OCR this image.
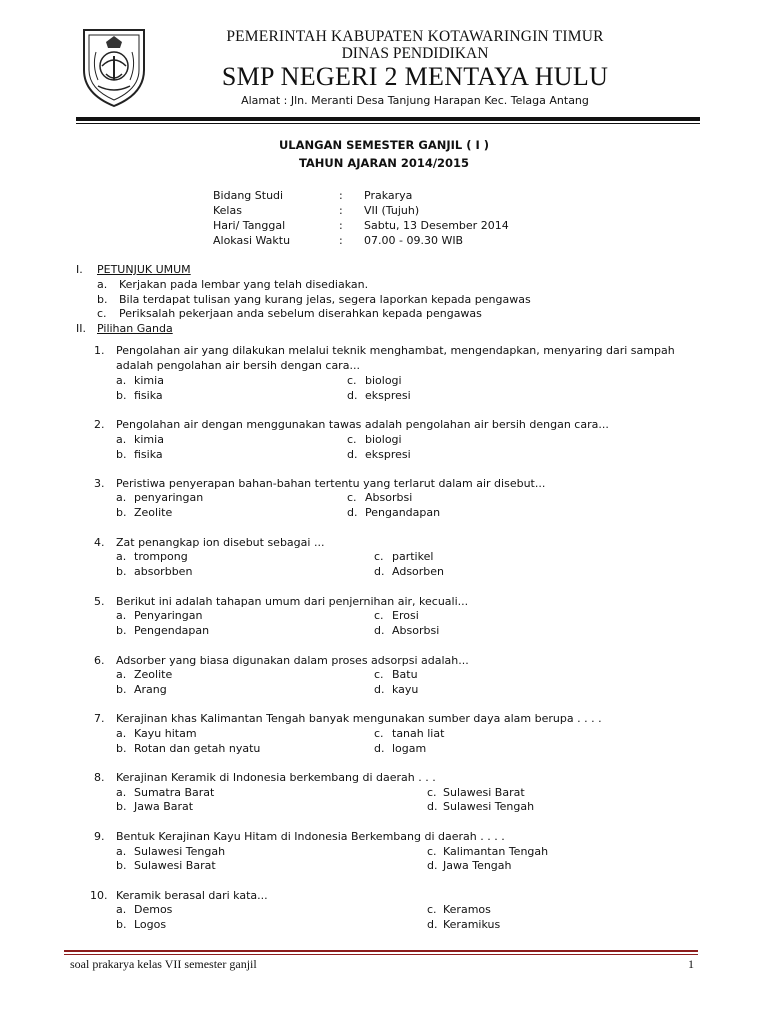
PEMERINTAH KABUPATEN KOTAWARINGIN TIMUR
DINAS PENDIDIKAN
SMP NEGERI 2 MENTAYA HULU
Alamat : Jln. Meranti Desa Tanjung Harapan Kec. Telaga Antang
ULANGAN SEMESTER GANJIL ( I )
TAHUN AJARAN 2014/2015
Bidang Studi	: Prakarya
Kelas	: VII (Tujuh)
Hari/ Tanggal	: Sabtu, 13 Desember 2014
Alokasi Waktu	: 07.00 - 09.30 WIB
I. PETUNJUK UMUM
a. Kerjakan pada lembar yang telah disediakan.
b. Bila terdapat tulisan yang kurang jelas, segera laporkan kepada pengawas
c. Periksalah pekerjaan anda sebelum diserahkan kepada pengawas
II. Pilihan Ganda
1. Pengolahan air yang dilakukan melalui teknik menghambat, mengendapkan, menyaring dari sampah
adalah pengolahan air bersih dengan cara...
a. kimia
b. fisika
c. biologi
d. ekspresi
2. Pengolahan air dengan menggunakan tawas adalah pengolahan air bersih dengan cara...
a. kimia
b. fisika
c. biologi
d. ekspresi
3. Peristiwa penyerapan bahan-bahan tertentu yang terlarut dalam air disebut...
a. penyaringan
b. Zeolite
c. Absorbsi
d. Pengandapan
4. Zat penangkap ion disebut sebagai ...
a. trompong
b. absorbben
c. partikel
d. Adsorben
5. Berikut ini adalah tahapan umum dari penjernihan air, kecuali...
a. Penyaringan
b. Pengendapan
c. Erosi
d. Absorbsi
6. Adsorber yang biasa digunakan dalam proses adsorpsi adalah...
a. Zeolite
b. Arang
c. Batu
d. kayu
7. Kerajinan khas Kalimantan Tengah banyak mengunakan sumber daya alam berupa . . . .
a. Kayu hitam
b. Rotan dan getah nyatu
c. tanah liat
d. logam
8. Kerajinan Keramik di Indonesia berkembang di daerah . . .
a. Sumatra Barat
b. Jawa Barat
c. Sulawesi Barat
d. Sulawesi Tengah
9. Bentuk Kerajinan Kayu Hitam di Indonesia Berkembang di daerah . . . .
a. Sulawesi Tengah
b. Sulawesi Barat
c. Kalimantan Tengah
d. Jawa Tengah
10. Keramik berasal dari kata...
a. Demos
b. Logos
c. Keramos
d. Keramikus
soal prakarya kelas VII semester ganjil	1
